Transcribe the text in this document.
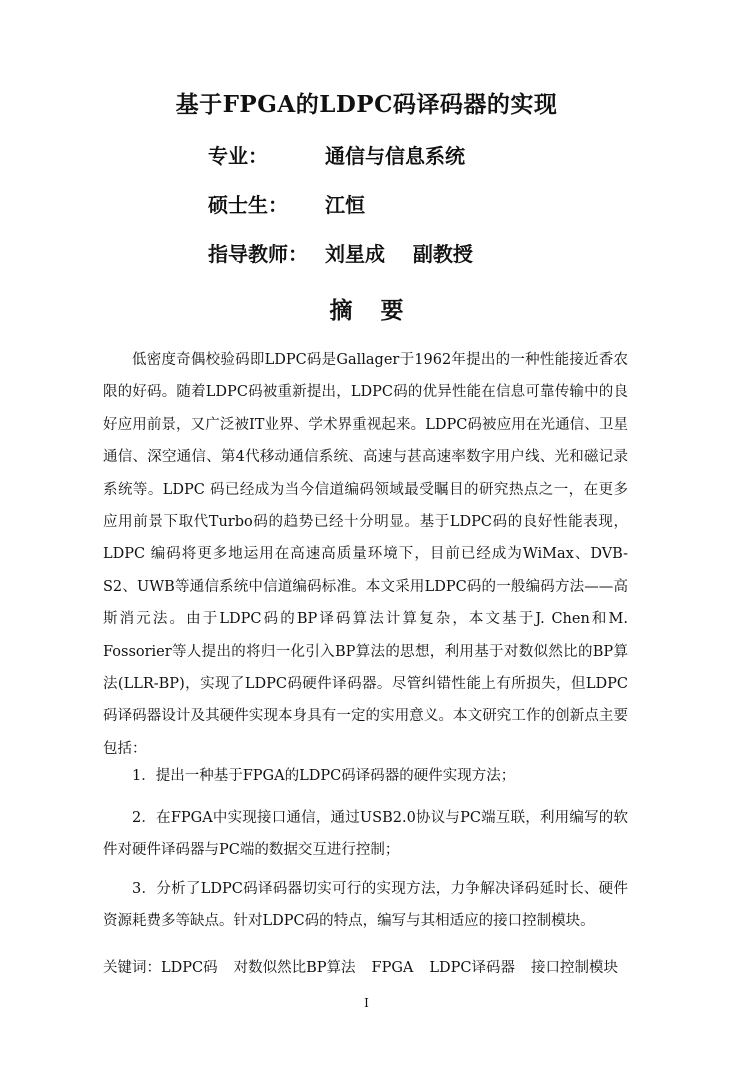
基于FPGA的LDPC码译码器的实现
专业：	通信与信息系统
硕士生： 江恒
指导教师： 刘星成 副教授
摘要
低密度奇偶校验码即LDPC码是Gallager于1962年提出的一种性能接近香农限的好码。随着LDPC码被重新提出，LDPC码的优异性能在信息可靠传输中的良好应用前景，又广泛被IT业界、学术界重视起来。LDPC码被应用在光通信、卫星通信、深空通信、第4代移动通信系统、高速与甚高速率数字用户线、光和磁记录系统等。LDPC 码已经成为当今信道编码领域最受瞩目的研究热点之一，在更多应用前景下取代Turbo码的趋势已经十分明显。基于LDPC码的良好性能表现，LDPC 编码将更多地运用在高速高质量环境下，目前已经成为WiMax、DVB-S2、UWB等通信系统中信道编码标准。本文采用LDPC码的一般编码方法——高斯消元法。由于LDPC码的BP译码算法计算复杂，本文基于J. Chen和M. Fossorier等人提出的将归一化引入BP算法的思想，利用基于对数似然比的BP算法(LLR-BP)，实现了LDPC码硬件译码器。尽管纠错性能上有所损失，但LDPC码译码器设计及其硬件实现本身具有一定的实用意义。本文研究工作的创新点主要包括：
1．提出一种基于FPGA的LDPC码译码器的硬件实现方法；
2．在FPGA中实现接口通信，通过USB2.0协议与PC端互联，利用编写的软件对硬件译码器与PC端的数据交互进行控制；
3．分析了LDPC码译码器切实可行的实现方法，力争解决译码延时长、硬件资源耗费多等缺点。针对LDPC码的特点，编写与其相适应的接口控制模块。
关键词：LDPC码 对数似然比BP算法 FPGA LDPC译码器 接口控制模块
I
